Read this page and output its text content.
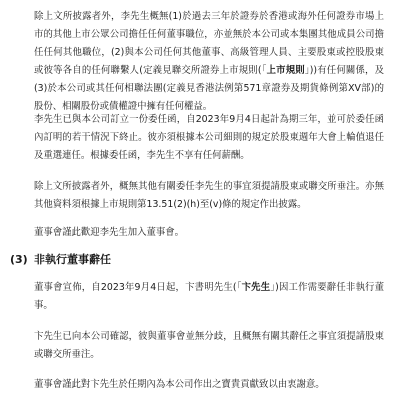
除上文所披露者外，李先生概無(1)於過去三年於證券於香港或海外任何證券市場上市的其他上市公眾公司擔任任何董事職位，亦並無於本公司或本集團其他成員公司擔任任何其他職位，(2)與本公司任何其他董事、高級管理人員、主要股東或控股股東或彼等各自的任何聯繫人(定義見聯交所證券上市規則(「上市規則」))有任何關係，及(3)於本公司或其任何相聯法團(定義見香港法例第571章證券及期貨條例第XV部)的股份、相關股份或債權證中擁有任何權益。

李先生已與本公司訂立一份委任函，自2023年9月4日起計為期三年，並可於委任函內訂明的若干情況下終止。彼亦須根據本公司細則的規定於股東週年大會上輪值退任及重選連任。根據委任函，李先生不享有任何薪酬。

除上文所披露者外，概無其他有關委任李先生的事宜須提請股東或聯交所垂注。亦無其他資料須根據上市規則第13.51(2)(h)至(v)條的規定作出披露。

董事會謹此歡迎李先生加入董事會。

(3) 非執行董事辭任

董事會宣佈，自2023年9月4日起，卞書明先生(「卞先生」)因工作需要辭任非執行董事。

卞先生已向本公司確認，彼與董事會並無分歧，且概無有關其辭任之事宜須提請股東或聯交所垂注。

董事會謹此對卞先生於任期內為本公司作出之寶貴貢獻致以由衷謝意。
